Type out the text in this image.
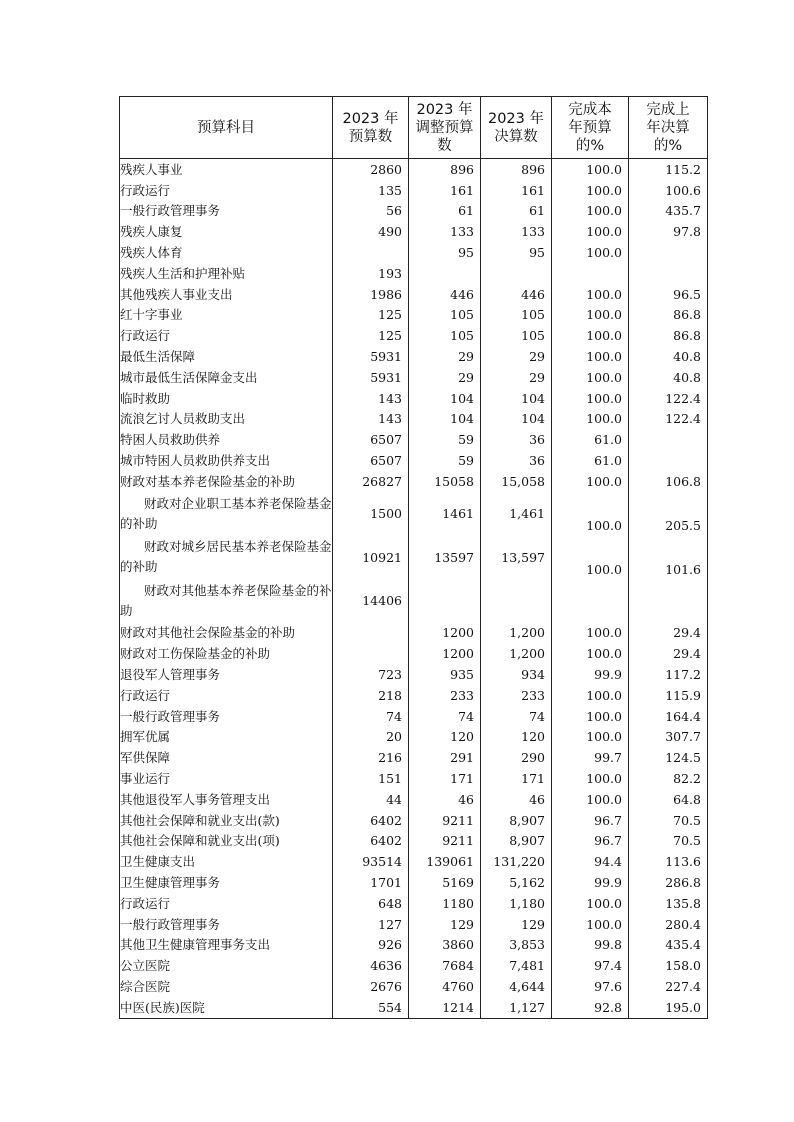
预算科目	2023 年预算数	2023 年调整预算数	2023 年决算数	完成本年预算的%	完成上年决算的%

残疾人事业	2860	896	896	100.0	115.2
行政运行	135	161	161	100.0	100.6
一般行政管理事务	56	61	61	100.0	435.7
残疾人康复	490	133	133	100.0	97.8
残疾人体育		95	95	100.0	
残疾人生活和护理补贴	193				
其他残疾人事业支出	1986	446	446	100.0	96.5
红十字事业	125	105	105	100.0	86.8
行政运行	125	105	105	100.0	86.8
最低生活保障	5931	29	29	100.0	40.8
城市最低生活保障金支出	5931	29	29	100.0	40.8
临时救助	143	104	104	100.0	122.4
流浪乞讨人员救助支出	143	104	104	100.0	122.4
特困人员救助供养	6507	59	36	61.0	
城市特困人员救助供养支出	6507	59	36	61.0	
财政对基本养老保险基金的补助	26827	15058	15,058	100.0	106.8
财政对企业职工基本养老保险基金的补助	1500	1461	1,461	100.0	205.5
财政对城乡居民基本养老保险基金的补助	10921	13597	13,597	100.0	101.6
财政对其他基本养老保险基金的补助	14406				
财政对其他社会保险基金的补助		1200	1,200	100.0	29.4
财政对工伤保险基金的补助		1200	1,200	100.0	29.4
退役军人管理事务	723	935	934	99.9	117.2
行政运行	218	233	233	100.0	115.9
一般行政管理事务	74	74	74	100.0	164.4
拥军优属	20	120	120	100.0	307.7
军供保障	216	291	290	99.7	124.5
事业运行	151	171	171	100.0	82.2
其他退役军人事务管理支出	44	46	46	100.0	64.8
其他社会保障和就业支出(款)	6402	9211	8,907	96.7	70.5
其他社会保障和就业支出(项)	6402	9211	8,907	96.7	70.5
卫生健康支出	93514	139061	131,220	94.4	113.6
卫生健康管理事务	1701	5169	5,162	99.9	286.8
行政运行	648	1180	1,180	100.0	135.8
一般行政管理事务	127	129	129	100.0	280.4
其他卫生健康管理事务支出	926	3860	3,853	99.8	435.4
公立医院	4636	7684	7,481	97.4	158.0
综合医院	2676	4760	4,644	97.6	227.4
中医(民族)医院	554	1214	1,127	92.8	195.0
